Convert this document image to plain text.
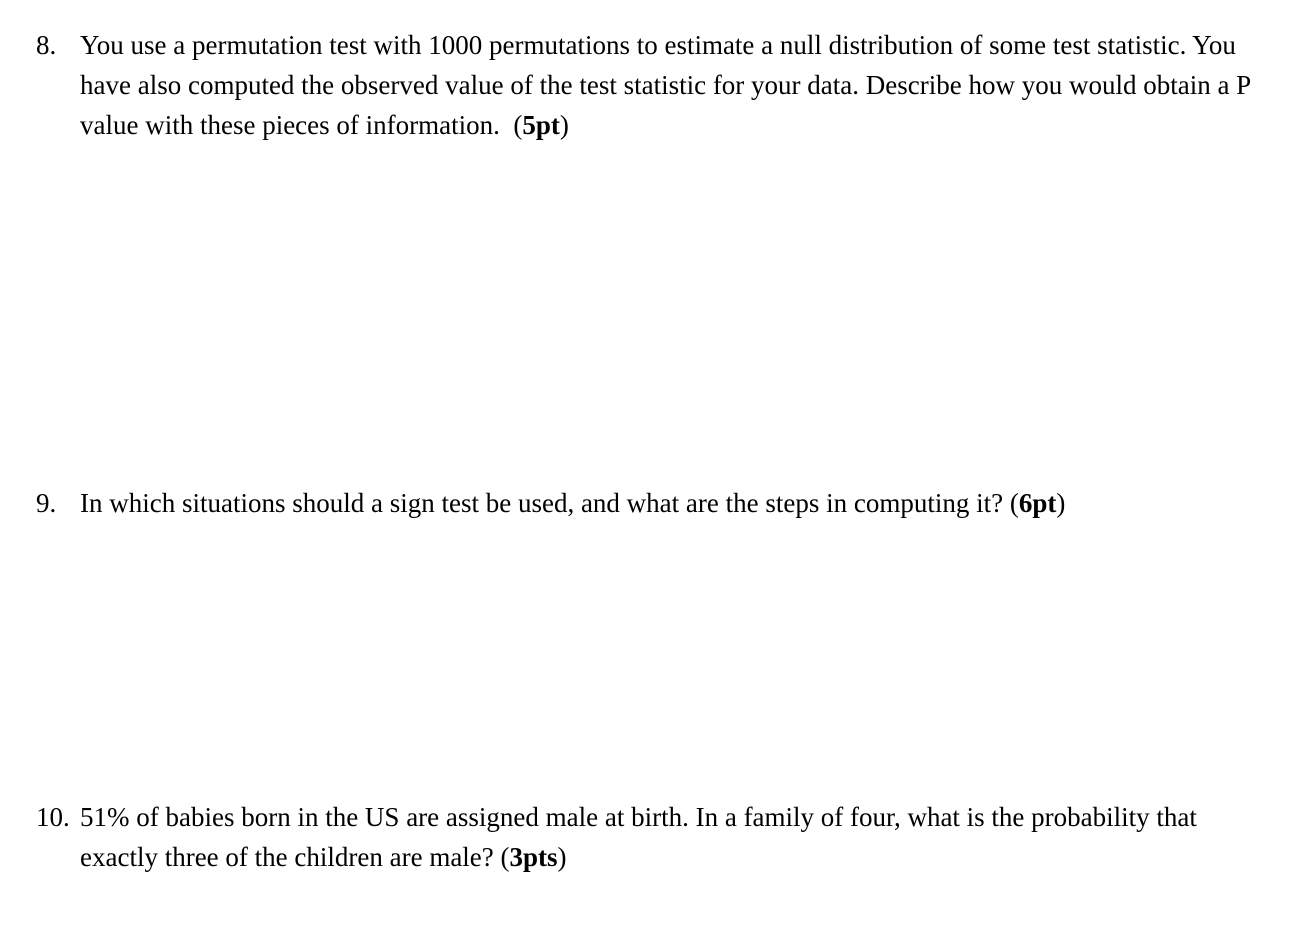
8. You use a permutation test with 1000 permutations to estimate a null distribution of some test statistic. You have also computed the observed value of the test statistic for your data. Describe how you would obtain a P value with these pieces of information.  (5pt)
9. In which situations should a sign test be used, and what are the steps in computing it? (6pt)
10. 51% of babies born in the US are assigned male at birth. In a family of four, what is the probability that exactly three of the children are male? (3pts)
